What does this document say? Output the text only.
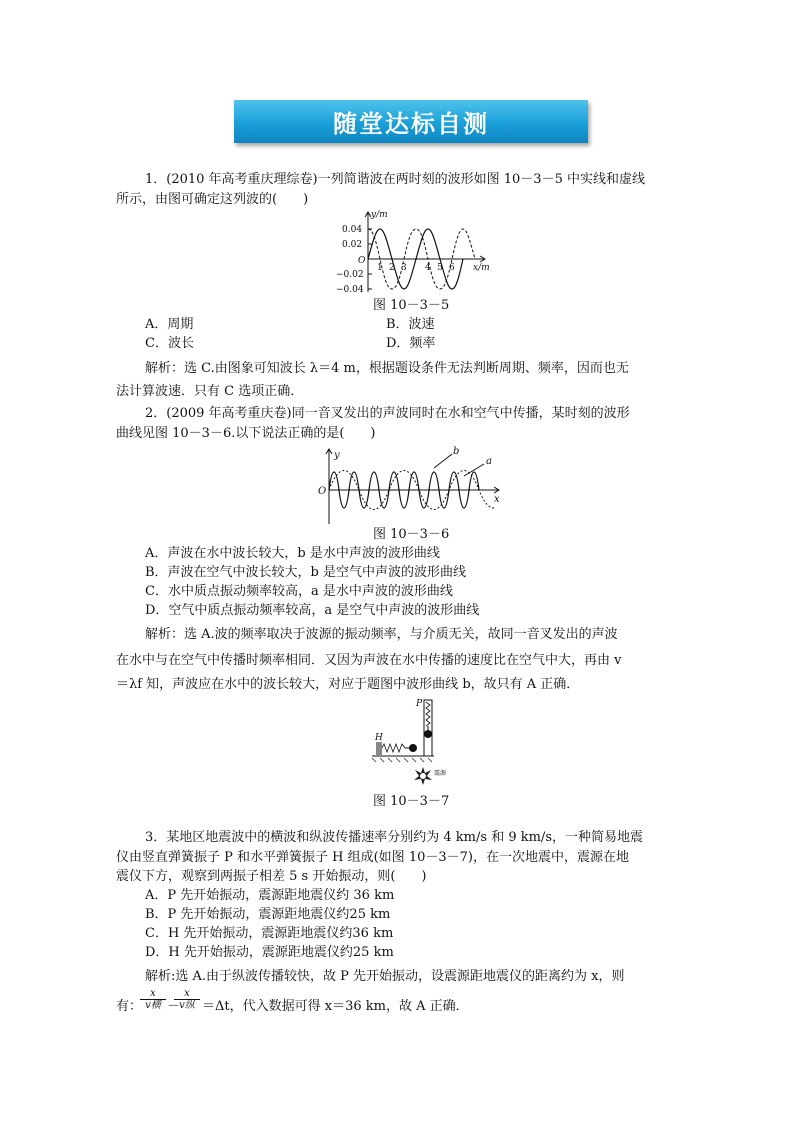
随堂达标自测
1．(2010 年高考重庆理综卷)一列简谐波在两时刻的波形如图 10－3－5 中实线和虚线
所示，由图可确定这列波的(　　)
y/m
x/m
O
0.04
0.02
−0.02
−0.04
1 2 3 4 5 6
图 10－3－5
A．周期	B．波速
C．波长	D．频率
解析：选 C.由图象可知波长 λ＝4 m，根据题设条件无法判断周期、频率，因而也无
法计算波速．只有 C 选项正确．
2．(2009 年高考重庆卷)同一音叉发出的声波同时在水和空气中传播，某时刻的波形
曲线见图 10－3－6.以下说法正确的是(　　)
y
x
O
b
a
图 10－3－6
A．声波在水中波长较大，b 是水中声波的波形曲线
B．声波在空气中波长较大，b 是空气中声波的波形曲线
C．水中质点振动频率较高，a 是水中声波的波形曲线
D．空气中质点振动频率较高，a 是空气中声波的波形曲线
解析：选 A.波的频率取决于波源的振动频率，与介质无关，故同一音叉发出的声波
在水中与在空气中传播时频率相同．又因为声波在水中传播的速度比在空气中大，再由 v
＝λf 知，声波应在水中的波长较大，对应于题图中波形曲线 b，故只有 A 正确．
P
H
震源
图 10－3－7
3．某地区地震波中的横波和纵波传播速率分别约为 4 km/s 和 9 km/s，一种简易地震
仪由竖直弹簧振子 P 和水平弹簧振子 H 组成(如图 10－3－7)，在一次地震中，震源在地
震仪下方，观察到两振子相差 5 s 开始振动，则(　　)
A．P 先开始振动，震源距地震仪约 36 km
B．P 先开始振动，震源距地震仪约25 km
C．H 先开始振动，震源距地震仪约36 km
D．H 先开始振动，震源距地震仪约25 km
解析:选 A.由于纵波传播较快，故 P 先开始振动，设震源距地震仪的距离约为 x，则
有：
x
v横 －
x
v纵 ＝Δt，代入数据可得 x＝36 km，故 A 正确．
